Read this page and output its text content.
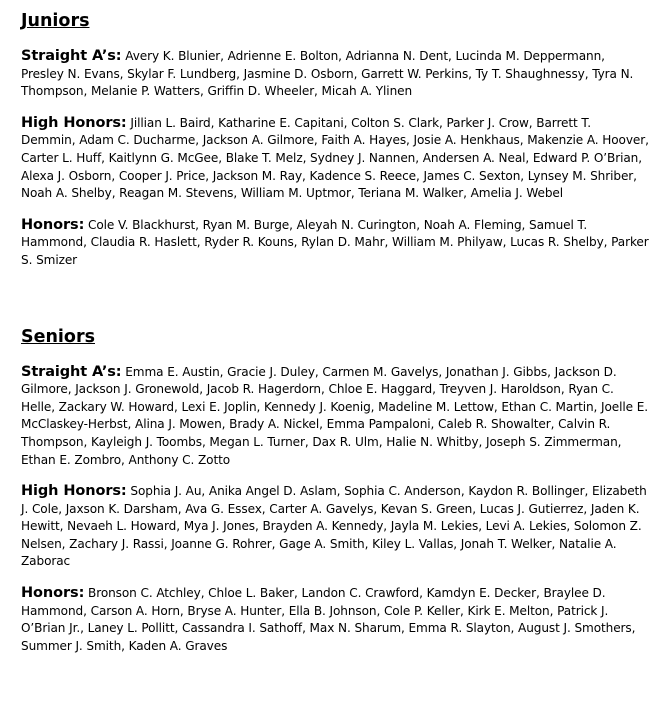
Juniors

Straight A’s: Avery K. Blunier, Adrienne E. Bolton, Adrianna N. Dent, Lucinda M. Deppermann, Presley N. Evans, Skylar F. Lundberg, Jasmine D. Osborn, Garrett W. Perkins, Ty T. Shaughnessy, Tyra N. Thompson, Melanie P. Watters, Griffin D. Wheeler, Micah A. Ylinen

High Honors: Jillian L. Baird, Katharine E. Capitani, Colton S. Clark, Parker J. Crow, Barrett T. Demmin, Adam C. Ducharme, Jackson A. Gilmore, Faith A. Hayes, Josie A. Henkhaus, Makenzie A. Hoover, Carter L. Huff, Kaitlynn G. McGee, Blake T. Melz, Sydney J. Nannen, Andersen A. Neal, Edward P. O’Brian, Alexa J. Osborn, Cooper J. Price, Jackson M. Ray, Kadence S. Reece, James C. Sexton, Lynsey M. Shriber, Noah A. Shelby, Reagan M. Stevens, William M. Uptmor, Teriana M. Walker, Amelia J. Webel

Honors: Cole V. Blackhurst, Ryan M. Burge, Aleyah N. Curington, Noah A. Fleming, Samuel T. Hammond, Claudia R. Haslett, Ryder R. Kouns, Rylan D. Mahr, William M. Philyaw, Lucas R. Shelby, Parker S. Smizer

Seniors

Straight A’s: Emma E. Austin, Gracie J. Duley, Carmen M. Gavelys, Jonathan J. Gibbs, Jackson D. Gilmore, Jackson J. Gronewold, Jacob R. Hagerdorn, Chloe E. Haggard, Treyven J. Haroldson, Ryan C. Helle, Zackary W. Howard, Lexi E. Joplin, Kennedy J. Koenig, Madeline M. Lettow, Ethan C. Martin, Joelle E. McClaskey-Herbst, Alina J. Mowen, Brady A. Nickel, Emma Pampaloni, Caleb R. Showalter, Calvin R. Thompson, Kayleigh J. Toombs, Megan L. Turner, Dax R. Ulm, Halie N. Whitby, Joseph S. Zimmerman, Ethan E. Zombro, Anthony C. Zotto

High Honors: Sophia J. Au, Anika Angel D. Aslam, Sophia C. Anderson, Kaydon R. Bollinger, Elizabeth J. Cole, Jaxson K. Darsham, Ava G. Essex, Carter A. Gavelys, Kevan S. Green, Lucas J. Gutierrez, Jaden K. Hewitt, Nevaeh L. Howard, Mya J. Jones, Brayden A. Kennedy, Jayla M. Lekies, Levi A. Lekies, Solomon Z. Nelsen, Zachary J. Rassi, Joanne G. Rohrer, Gage A. Smith, Kiley L. Vallas, Jonah T. Welker, Natalie A. Zaborac

Honors: Bronson C. Atchley, Chloe L. Baker, Landon C. Crawford, Kamdyn E. Decker, Braylee D. Hammond, Carson A. Horn, Bryse A. Hunter, Ella B. Johnson, Cole P. Keller, Kirk E. Melton, Patrick J. O’Brian Jr., Laney L. Pollitt, Cassandra I. Sathoff, Max N. Sharum, Emma R. Slayton, August J. Smothers, Summer J. Smith, Kaden A. Graves
